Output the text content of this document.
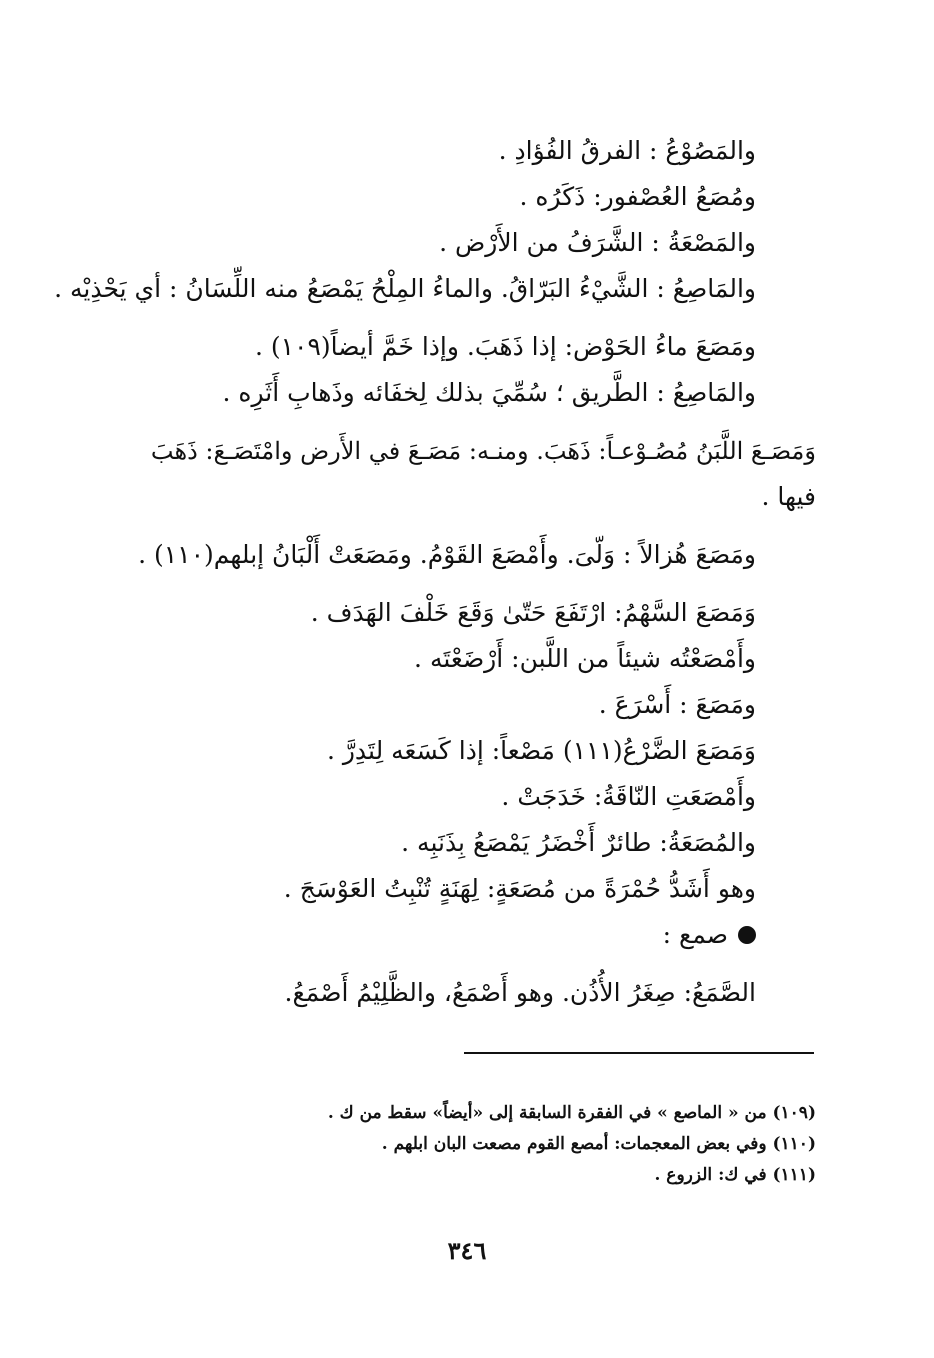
والمَصُوْعُ : الفرقُ الفُؤادِ .
ومُصَعُ العُصْفور: ذَكَرُه .
والمَصْعَةُ : الشَّرَفُ من الأَرْض .
والمَاصِعُ : الشَّيْءُ البَرّاقُ. والماءُ المِلْحُ يَمْصَعُ منه اللِّسَانُ : أي يَحْذِيْه .
ومَصَعَ ماءُ الحَوْض: إذا ذَهَبَ. وإذا خَمَّ أيضاً(١٠٩) .
والمَاصِعُ : الطَّريق ؛ سُمِّيَ بذلك لِخفَائه وذَهابِ أَثَرِه .
وَمَصَـعَ اللَّبَنُ مُصُـوْعـاً: ذَهَبَ. ومنـه: مَصَـعَ في الأَرض وامْتَصَـعَ: ذَهَبَ
فيها .
ومَصَعَ هُزالاً : وَلّىَ. وأَمْصَعَ القَوْمُ. ومَصَعَتْ أَلْبَانُ إبلهم(١١٠) .
وَمَصَعَ السَّهْمُ: ارْتَفَعَ حَتّىٰ وَقَعَ خَلْفَ الهَدَف .
وأَمْصَعْتُه شيئاً من اللَّبن: أَرْضَعْتَه .
ومَصَعَ : أَسْرَعَ .
وَمَصَعَ الضَّرْعُ(١١١) مَصْعاً: إذا كَسَعَه لِتَدِرَّ .
وأَمْصَعَتِ النّاقَةُ: خَدَجَتْ .
والمُصَعَةُ: طائرٌ أَخْضَرُ يَمْصَعُ بِذَنَبِه .
وهو أَشَدُّ حُمْرَةً من مُصَعَةٍ: لِهَنَةٍ تُنْبِتُ العَوْسَجَ .
صمع :
الصَّمَعُ: صِغَرُ الأُذُن. وهو أَصْمَعُ، والظَّلِيْمُ أَصْمَعُ.
(١٠٩) من « الماصع » في الفقرة السابقة إلى «أيضاً» سقط من ك .
(١١٠) وفي بعض المعجمات: أمصع القوم مصعت البان ابلهم .
(١١١) في ك: الزروع .
٣٤٦
